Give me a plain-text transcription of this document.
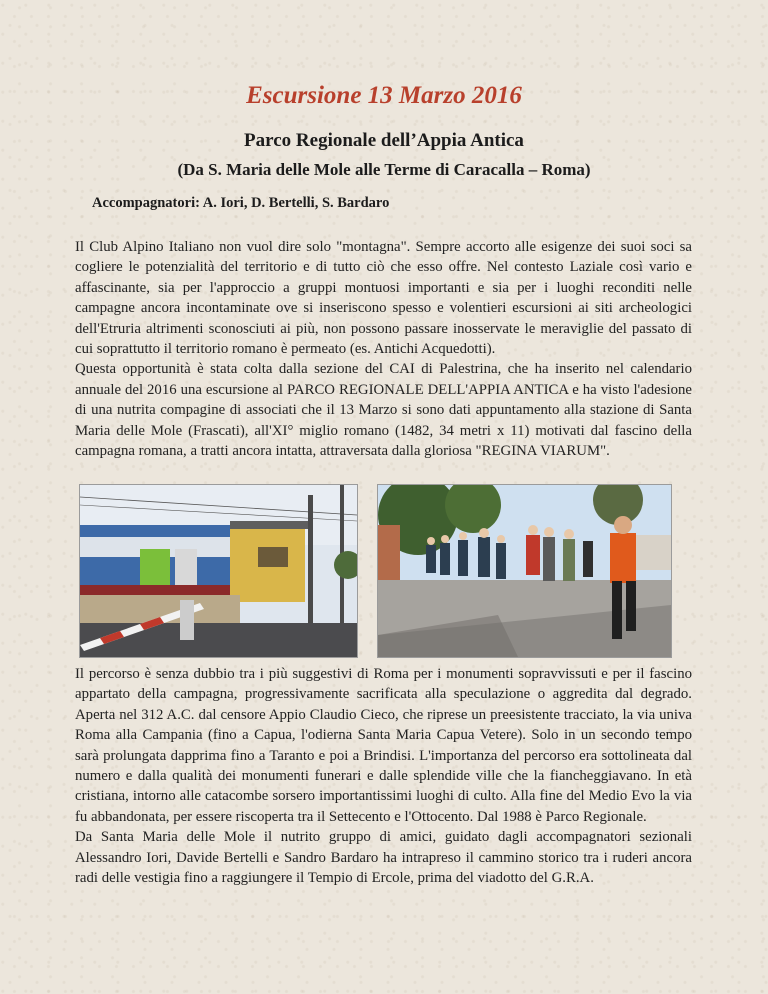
Escursione 13 Marzo 2016
Parco Regionale dell’Appia Antica
(Da S. Maria delle Mole alle Terme di Caracalla – Roma)
Accompagnatori: A. Iori, D. Bertelli, S. Bardaro

Il Club Alpino Italiano non vuol dire solo "montagna". Sempre accorto alle esigenze dei suoi soci sa cogliere le potenzialità del territorio e di tutto ciò che esso offre. Nel contesto Laziale così vario e affascinante, sia per l'approccio a gruppi montuosi importanti e sia per i luoghi reconditi nelle campagne ancora incontaminate ove si inseriscono spesso e volentieri escursioni ai siti archeologici dell'Etruria altrimenti sconosciuti ai più, non possono passare inosservate le meraviglie del passato di cui soprattutto il territorio romano è permeato (es. Antichi Acquedotti).

Questa opportunità è stata colta dalla sezione del CAI di Palestrina, che ha inserito nel calendario annuale del 2016 una escursione al PARCO REGIONALE DELL'APPIA ANTICA e ha visto l'adesione di una nutrita compagine di associati che il 13 Marzo si sono dati appuntamento alla stazione di Santa Maria delle Mole (Frascati), all'XI° miglio romano (1482, 34 metri x 11) motivati dal fascino della campagna romana, a tratti ancora intatta, attraversata dalla gloriosa "REGINA VIARUM".

Il percorso è senza dubbio tra i più suggestivi di Roma per i monumenti sopravvissuti e per il fascino appartato della campagna, progressivamente sacrificata alla speculazione o aggredita dal degrado. Aperta nel 312 A.C. dal censore Appio Claudio Cieco, che riprese un preesistente tracciato, la via univa Roma alla Campania (fino a Capua, l'odierna Santa Maria Capua Vetere). Solo in un secondo tempo sarà prolungata dapprima fino a Taranto e poi a Brindisi. L'importanza del percorso era sottolineata dal numero e dalla qualità dei monumenti funerari e dalle splendide ville che la fiancheggiavano. In età cristiana, intorno alle catacombe sorsero importantissimi luoghi di culto. Alla fine del Medio Evo la via fu abbandonata, per essere riscoperta tra il Settecento e l'Ottocento. Dal 1988 è Parco Regionale.

Da Santa Maria delle Mole il nutrito gruppo di amici, guidato dagli accompagnatori sezionali Alessandro Iori, Davide Bertelli e Sandro Bardaro ha intrapreso il cammino storico tra i ruderi ancora radi delle vestigia fino a raggiungere il Tempio di Ercole, prima del viadotto del G.R.A.
